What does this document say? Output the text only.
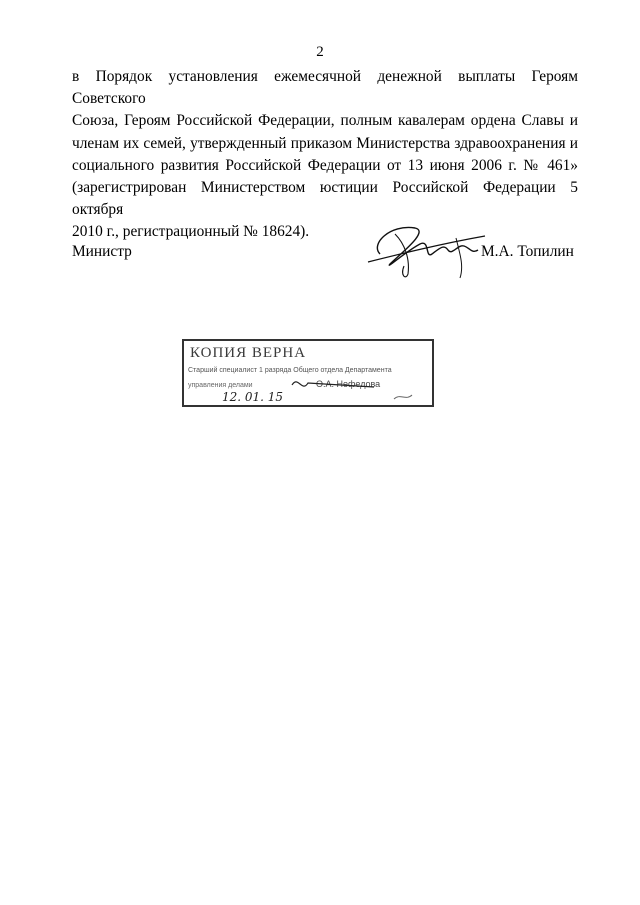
2
в Порядок установления ежемесячной денежной выплаты Героям Советского
Союза, Героям Российской Федерации, полным кавалерам ордена Славы и
членам их семей, утвержденный приказом Министерства здравоохранения и
социального развития Российской Федерации от 13 июня 2006 г. № 461»
(зарегистрирован Министерством юстиции Российской Федерации 5 октября
2010 г., регистрационный № 18624).
Министр	М.А. Топилин
КОПИЯ ВЕРНА
Старший специалист 1 разряда Общего отдела Департамента
управления делами	О.А. Нефедова
12. 01. 15
